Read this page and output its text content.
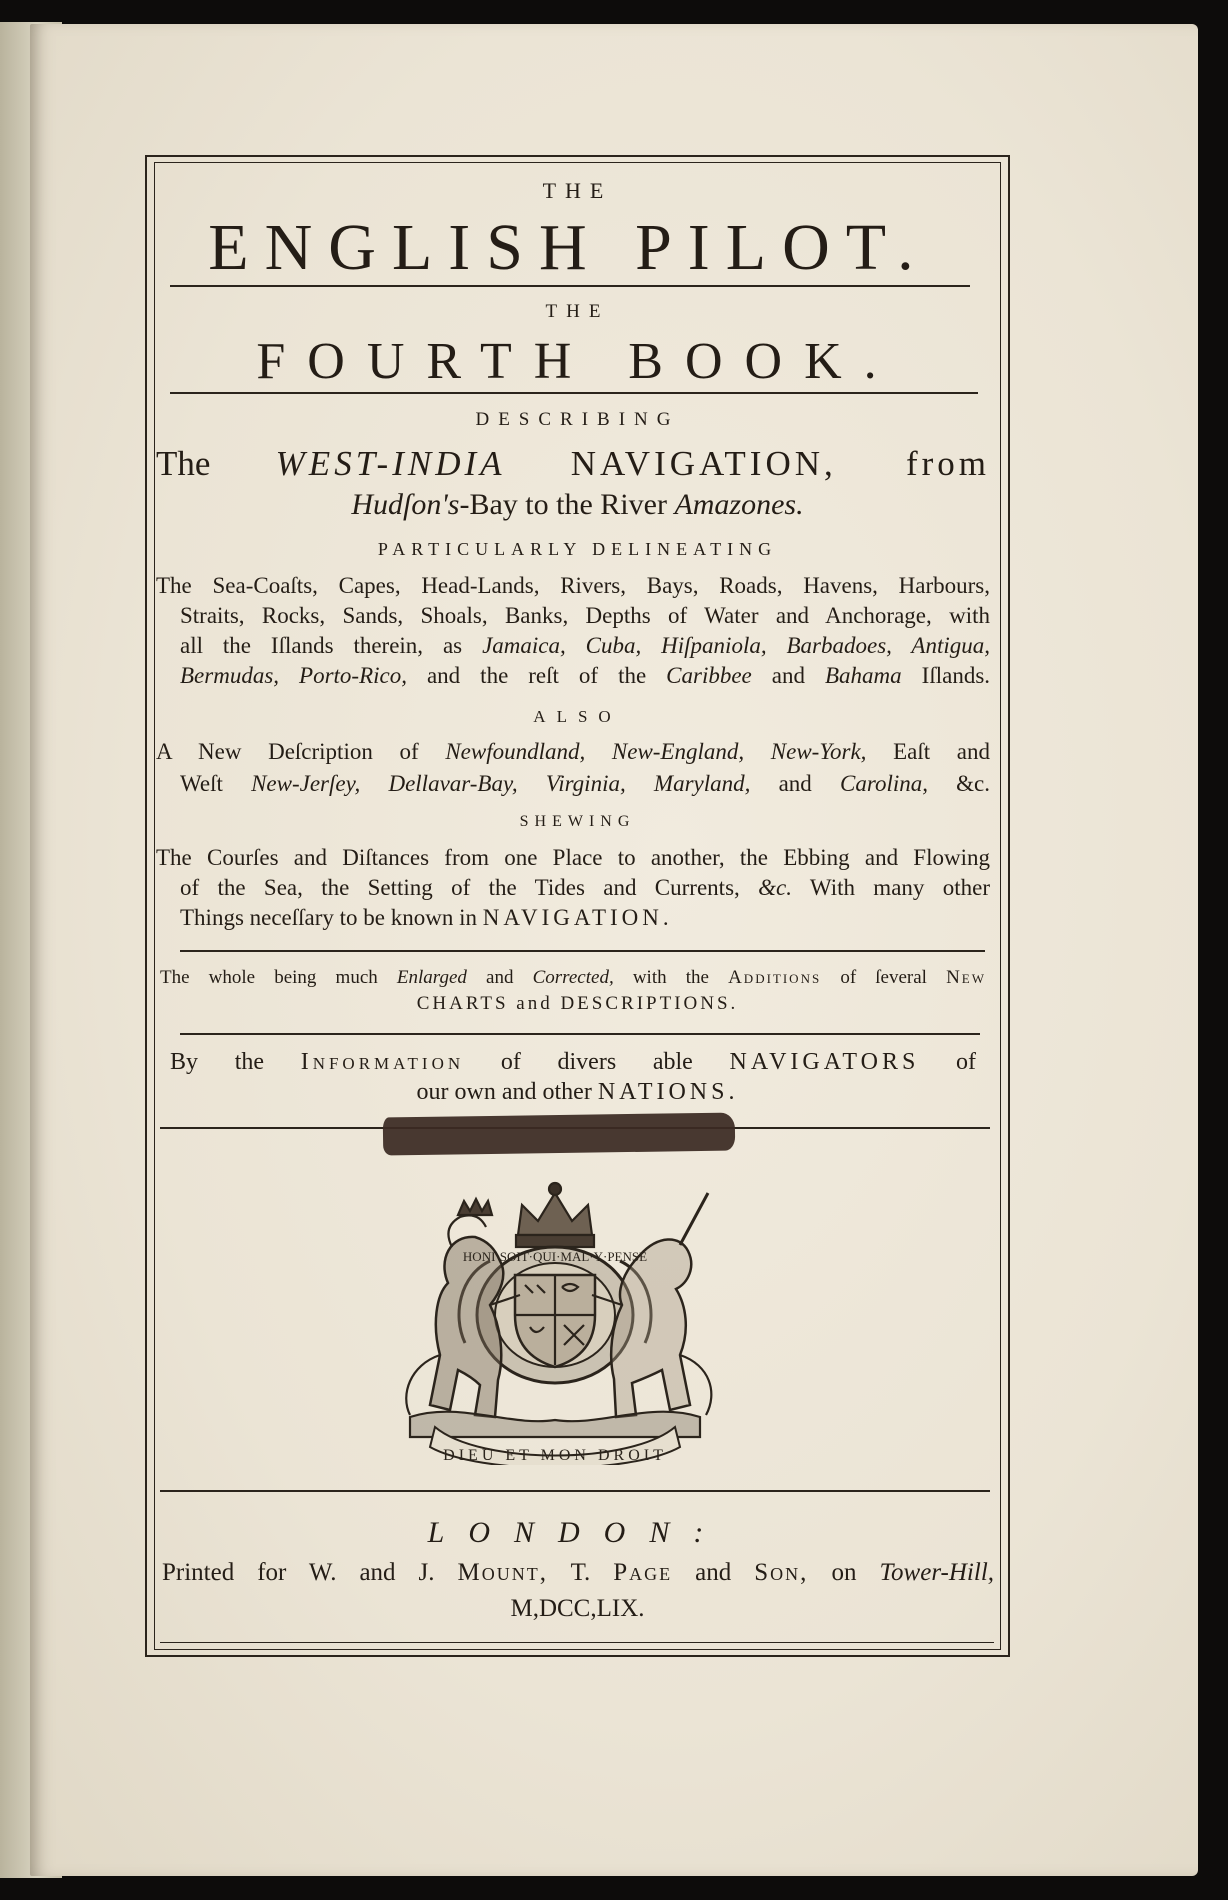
THE
ENGLISH PILOT.
THE
FOURTH BOOK.
DESCRIBING
The WEST-INDIA NAVIGATION, from
Hudſon's-Bay to the River Amazones.
PARTICULARLY DELINEATING
The Sea-Coaſts, Capes, Head-Lands, Rivers, Bays, Roads, Havens, Harbours,
Straits, Rocks, Sands, Shoals, Banks, Depths of Water and Anchorage, with
all the Iſlands therein, as Jamaica, Cuba, Hiſpaniola, Barbadoes, Antigua,
Bermudas, Porto-Rico, and the reſt of the Caribbee and Bahama Iſlands.
ALSO
A New Deſcription of Newfoundland, New-England, New-York, Eaſt and
Weſt New-Jerſey, Dellavar-Bay, Virginia, Maryland, and Carolina, &c.
SHEWING
The Courſes and Diſtances from one Place to another, the Ebbing and Flowing
of the Sea, the Setting of the Tides and Currents, &c. With many other
Things neceſſary to be known in NAVIGATION.
The whole being much Enlarged and Corrected, with the Additions of ſeveral New
CHARTS and DESCRIPTIONS.
By the Information of divers able NAVIGATORS of
our own and other NATIONS.
HONI·SOIT·QUI·MAL·Y·PENSE
DIEU ET MON DROIT
LONDON:
Printed for W. and J. Mount, T. Page and Son, on Tower-Hill,
M,DCC,LIX.
